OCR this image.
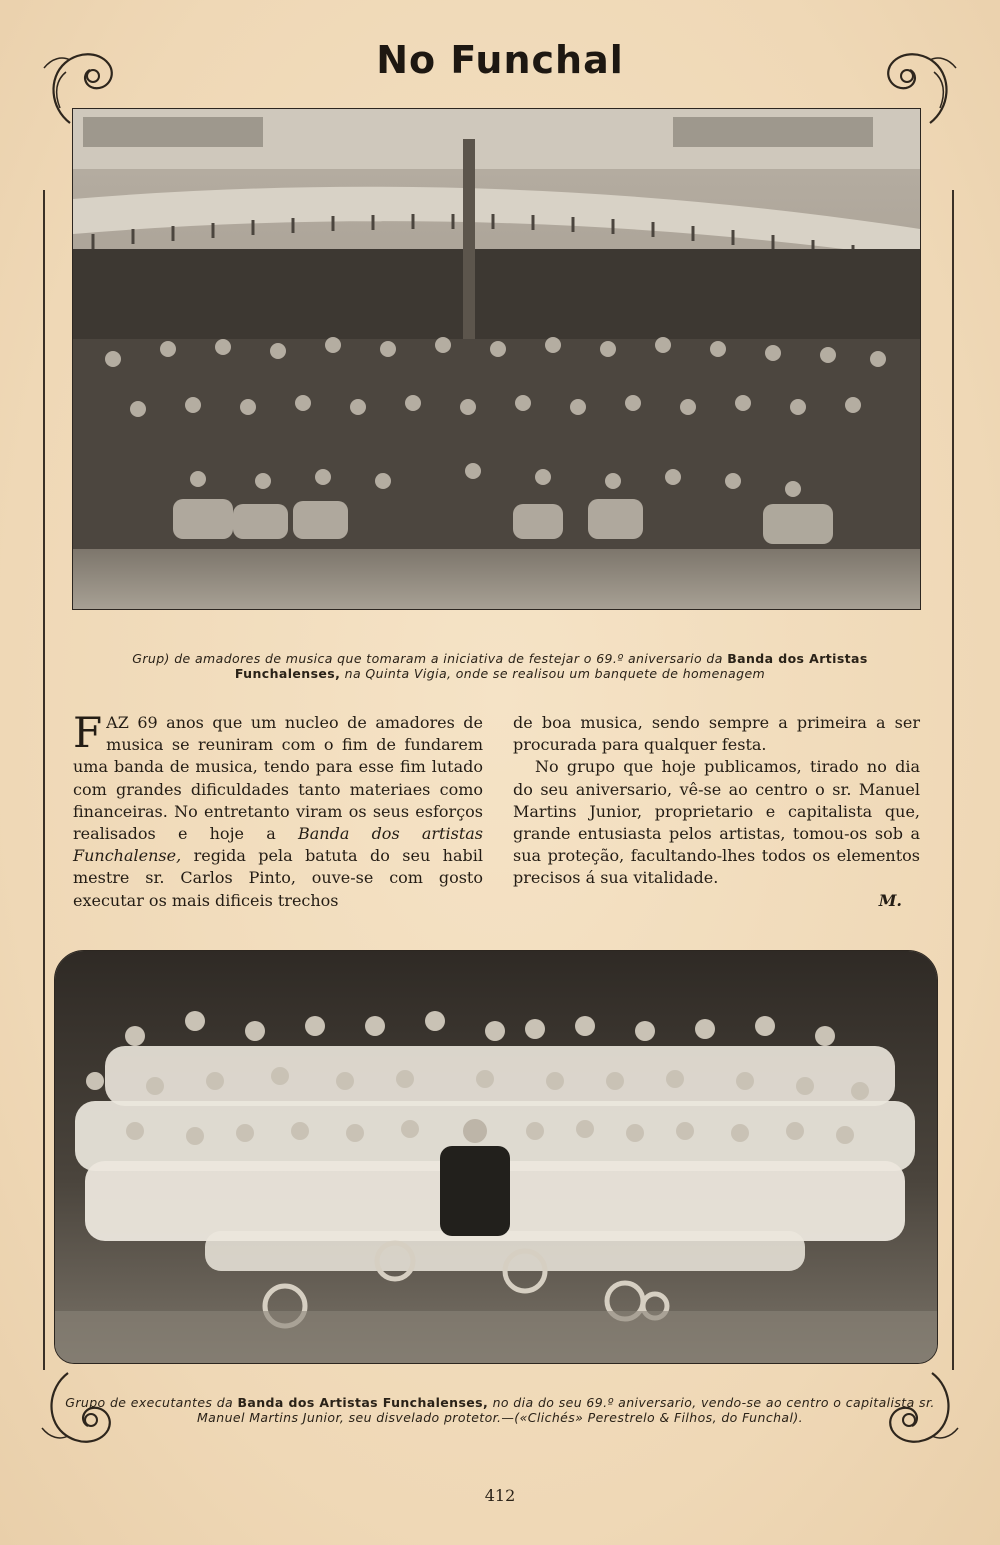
No Funchal
Grup) de amadores de musica que tomaram a iniciativa de festejar o 69.º aniversario da Banda dos Artistas
Funchalenses, na Quinta Vigia, onde se realisou um banquete de homenagem

FAZ 69 anos que um nucleo de amadores de musica se reuniram com o fim de fundarem uma banda de musica, tendo para esse fim lutado com grandes dificuldades tanto materiaes como financeiras. No entretanto viram os seus esforços realisados e hoje a Banda dos artistas Funchalense, regida pela batuta do seu habil mestre sr. Carlos Pinto, ouve-se com gosto executar os mais dificeis trechos

de boa musica, sendo sempre a primeira a ser procurada para qualquer festa.

No grupo que hoje publicamos, tirado no dia do seu aniversario, vê-se ao centro o sr. Manuel Martins Junior, proprietario e capitalista que, grande entusiasta pelos artistas, tomou-os sob a sua proteção, facultando-lhes todos os elementos precisos á sua vitalidade.

M.

Grupo de executantes da Banda dos Artistas Funchalenses, no dia do seu 69.º aniversario, vendo-se ao centro o capitalista sr. Manuel Martins Junior, seu disvelado protetor.—(«Clichés» Perestrelo & Filhos, do Funchal).
412
